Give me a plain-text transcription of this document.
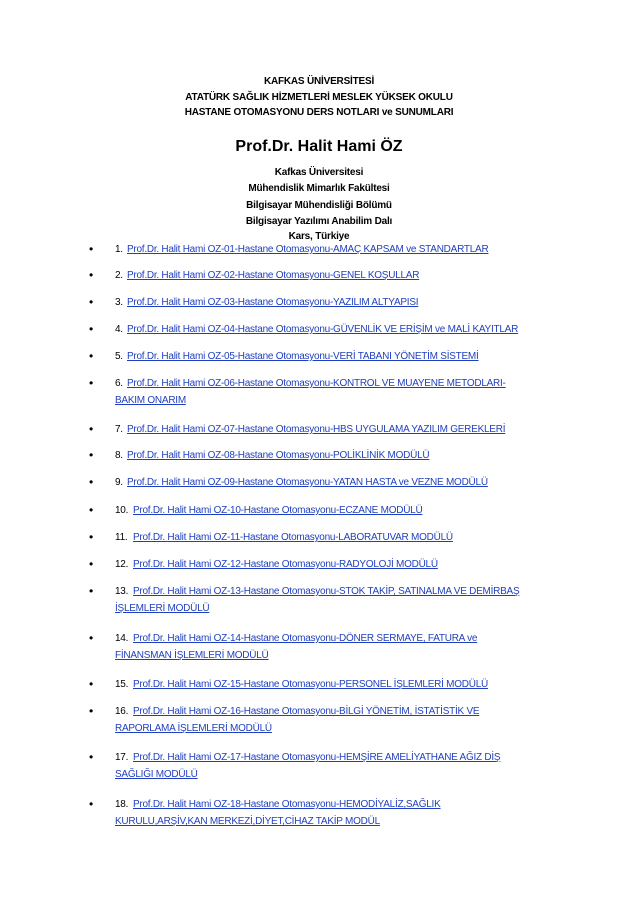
KAFKAS ÜNİVERSİTESİ
ATATÜRK SAĞLIK HİZMETLERİ MESLEK YÜKSEK OKULU
HASTANE OTOMASYONU DERS NOTLARI ve SUNUMLARI
Prof.Dr. Halit Hami ÖZ
Kafkas Üniversitesi
Mühendislik Mimarlık Fakültesi
Bilgisayar Mühendisliği Bölümü
Bilgisayar Yazılımı Anabilim Dalı
Kars, Türkiye
• 1. Prof.Dr. Halit Hami OZ-01-Hastane Otomasyonu-AMAÇ KAPSAM ve STANDARTLAR
• 2. Prof.Dr. Halit Hami OZ-02-Hastane Otomasyonu-GENEL KOŞULLAR
• 3. Prof.Dr. Halit Hami OZ-03-Hastane Otomasyonu-YAZILIM ALTYAPISI
• 4. Prof.Dr. Halit Hami OZ-04-Hastane Otomasyonu-GÜVENLİK VE ERİŞİM ve MALİ KAYITLAR
• 5. Prof.Dr. Halit Hami OZ-05-Hastane Otomasyonu-VERİ TABANI YÖNETİM SİSTEMİ
• 6. Prof.Dr. Halit Hami OZ-06-Hastane Otomasyonu-KONTROL VE MUAYENE METODLARI-
BAKIM ONARIM
• 7. Prof.Dr. Halit Hami OZ-07-Hastane Otomasyonu-HBS UYGULAMA YAZILIM GEREKLERİ
• 8. Prof.Dr. Halit Hami OZ-08-Hastane Otomasyonu-POLİKLİNİK MODÜLÜ
• 9. Prof.Dr. Halit Hami OZ-09-Hastane Otomasyonu-YATAN HASTA ve VEZNE MODÜLÜ
• 10. Prof.Dr. Halit Hami OZ-10-Hastane Otomasyonu-ECZANE MODÜLÜ
• 11. Prof.Dr. Halit Hami OZ-11-Hastane Otomasyonu-LABORATUVAR MODÜLÜ
• 12. Prof.Dr. Halit Hami OZ-12-Hastane Otomasyonu-RADYOLOJİ MODÜLÜ
• 13. Prof.Dr. Halit Hami OZ-13-Hastane Otomasyonu-STOK TAKİP, SATINALMA VE DEMİRBAŞ
İŞLEMLERİ MODÜLÜ
• 14. Prof.Dr. Halit Hami OZ-14-Hastane Otomasyonu-DÖNER SERMAYE, FATURA ve
FİNANSMAN İŞLEMLERİ MODÜLÜ
• 15. Prof.Dr. Halit Hami OZ-15-Hastane Otomasyonu-PERSONEL İŞLEMLERİ MODÜLÜ
• 16. Prof.Dr. Halit Hami OZ-16-Hastane Otomasyonu-BİLGİ YÖNETİM, İSTATİSTİK VE
RAPORLAMA İŞLEMLERİ MODÜLÜ
• 17. Prof.Dr. Halit Hami OZ-17-Hastane Otomasyonu-HEMŞİRE AMELİYATHANE AĞIZ DİŞ
SAĞLIĞI MODÜLÜ
• 18. Prof.Dr. Halit Hami OZ-18-Hastane Otomasyonu-HEMODİYALİZ,SAĞLIK
KURULU,ARŞİV,KAN MERKEZİ,DİYET,CİHAZ TAKİP MODÜL
